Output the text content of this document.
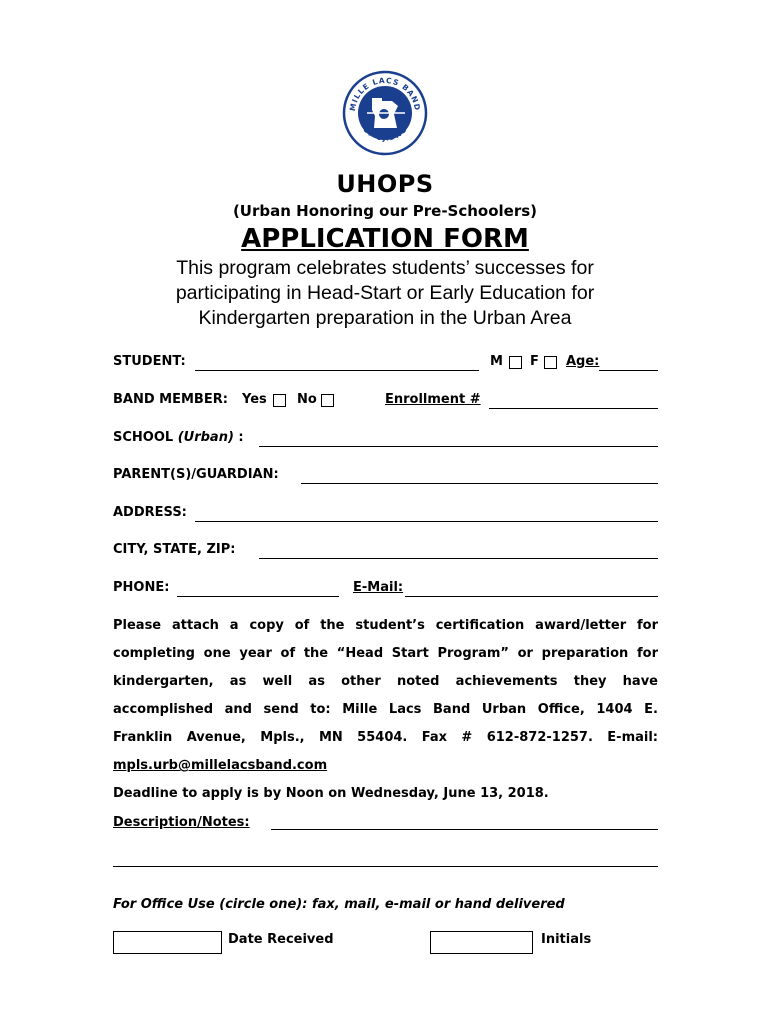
MILLE LACS BAND
OF OJIBWE
UHOPS
(Urban Honoring our Pre-Schoolers)
APPLICATION FORM
This program celebrates students’ successes for
participating in Head-Start or Early Education for
Kindergarten preparation in the Urban Area
STUDENT:	M F Age:
BAND MEMBER: Yes No	Enrollment #
SCHOOL (Urban) :
PARENT(S)/GUARDIAN:
ADDRESS:
CITY, STATE, ZIP:
PHONE:	E-Mail:

Please attach a copy of the student’s certification award/letter for

completing one year of the “Head Start Program” or preparation for

kindergarten, as well as other noted achievements they have

accomplished and send to: Mille Lacs Band Urban Office, 1404 E.

Franklin Avenue, Mpls., MN 55404. Fax # 612-872-1257. E-mail:

mpls.urb@millelacsband.com

Deadline to apply is by Noon on Wednesday, June 13, 2018.

Description/Notes:
For Office Use (circle one): fax, mail, e-mail or hand delivered
Date Received	Initials
